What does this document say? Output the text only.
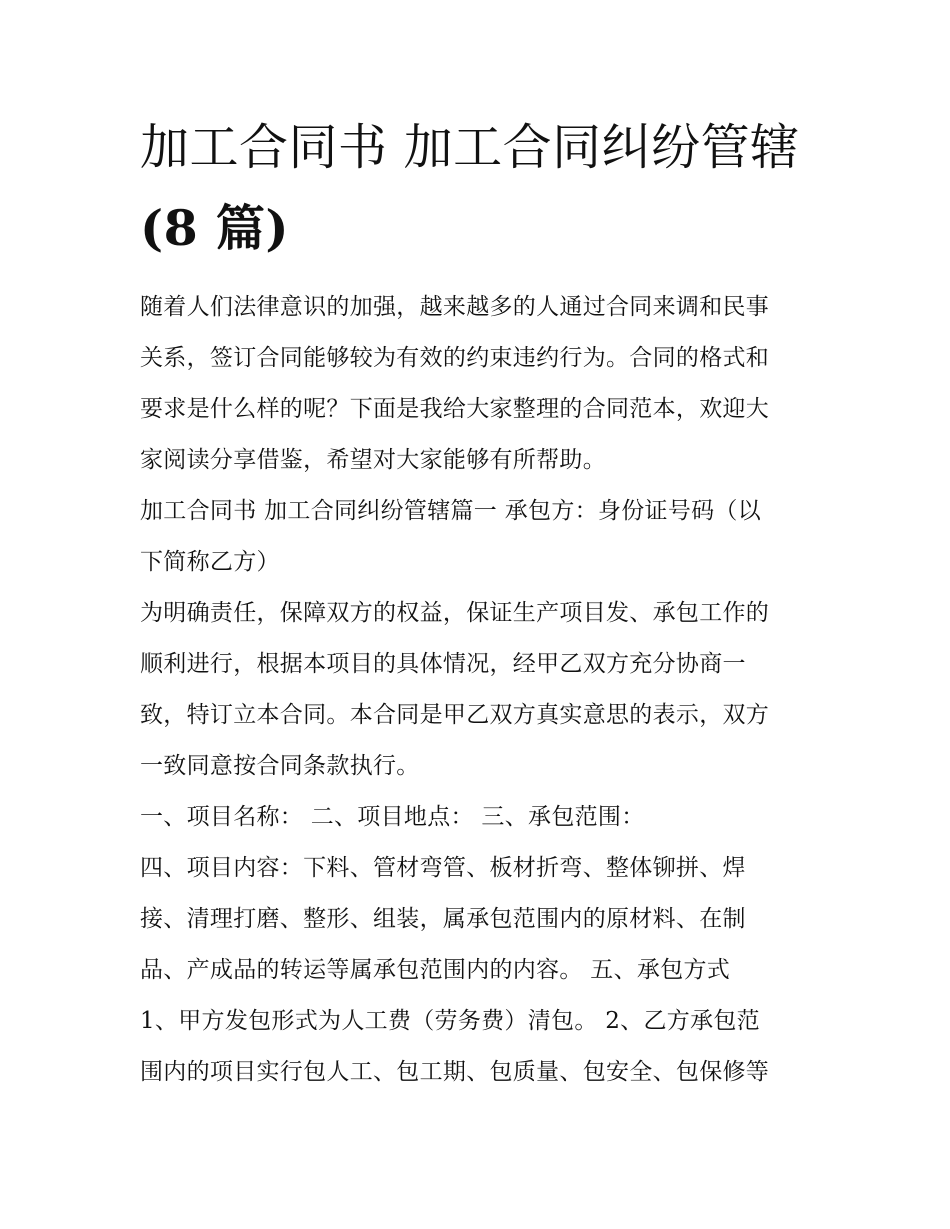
加工合同书 加工合同纠纷管辖
(8 篇)

随着人们法律意识的加强，越来越多的人通过合同来调和民事
关系，签订合同能够较为有效的约束违约行为。合同的格式和
要求是什么样的呢？下面是我给大家整理的合同范本，欢迎大
家阅读分享借鉴，希望对大家能够有所帮助。

加工合同书 加工合同纠纷管辖篇一 承包方：身份证号码（以
下简称乙方）

为明确责任，保障双方的权益，保证生产项目发、承包工作的
顺利进行，根据本项目的具体情况，经甲乙双方充分协商一
致，特订立本合同。本合同是甲乙双方真实意思的表示，双方
一致同意按合同条款执行。

一、项目名称： 二、项目地点： 三、承包范围：

四、项目内容：下料、管材弯管、板材折弯、整体铆拼、焊
接、清理打磨、整形、组装，属承包范围内的原材料、在制
品、产成品的转运等属承包范围内的内容。 五、承包方式

1、甲方发包形式为人工费（劳务费）清包。 2、乙方承包范
围内的项目实行包人工、包工期、包质量、包安全、包保修等
